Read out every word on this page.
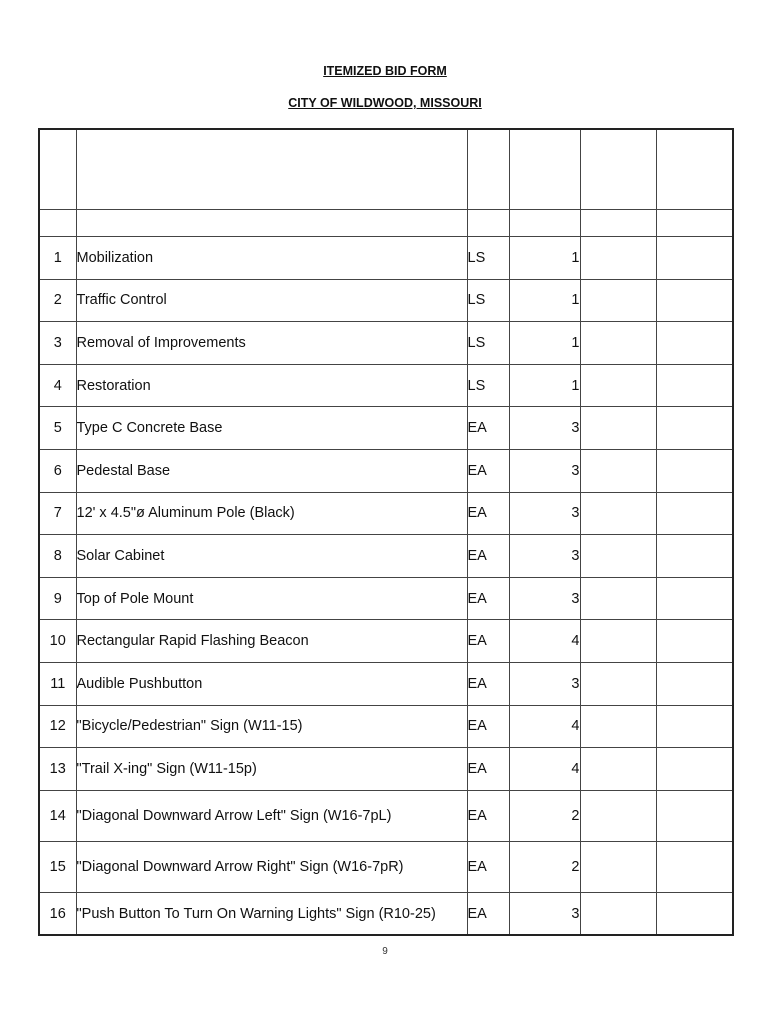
ITEMIZED BID FORM
CITY OF WILDWOOD, MISSOURI

1	Mobilization	LS	1		
2	Traffic Control	LS	1		
3	Removal of Improvements	LS	1		
4	Restoration	LS	1		
5	Type C Concrete Base	EA	3		
6	Pedestal Base	EA	3		
7	12' x 4.5"ø Aluminum Pole (Black)	EA	3		
8	Solar Cabinet	EA	3		
9	Top of Pole Mount	EA	3		
10	Rectangular Rapid Flashing Beacon	EA	4		
11	Audible Pushbutton	EA	3		
12	"Bicycle/Pedestrian" Sign (W11-15)	EA	4		
13	"Trail X-ing" Sign (W11-15p)	EA	4		
14	"Diagonal Downward Arrow Left" Sign (W16-7pL)	EA	2		
15	"Diagonal Downward Arrow Right" Sign (W16-7pR)	EA	2		
16	"Push Button To Turn On Warning Lights" Sign (R10-25)	EA	3		
9
